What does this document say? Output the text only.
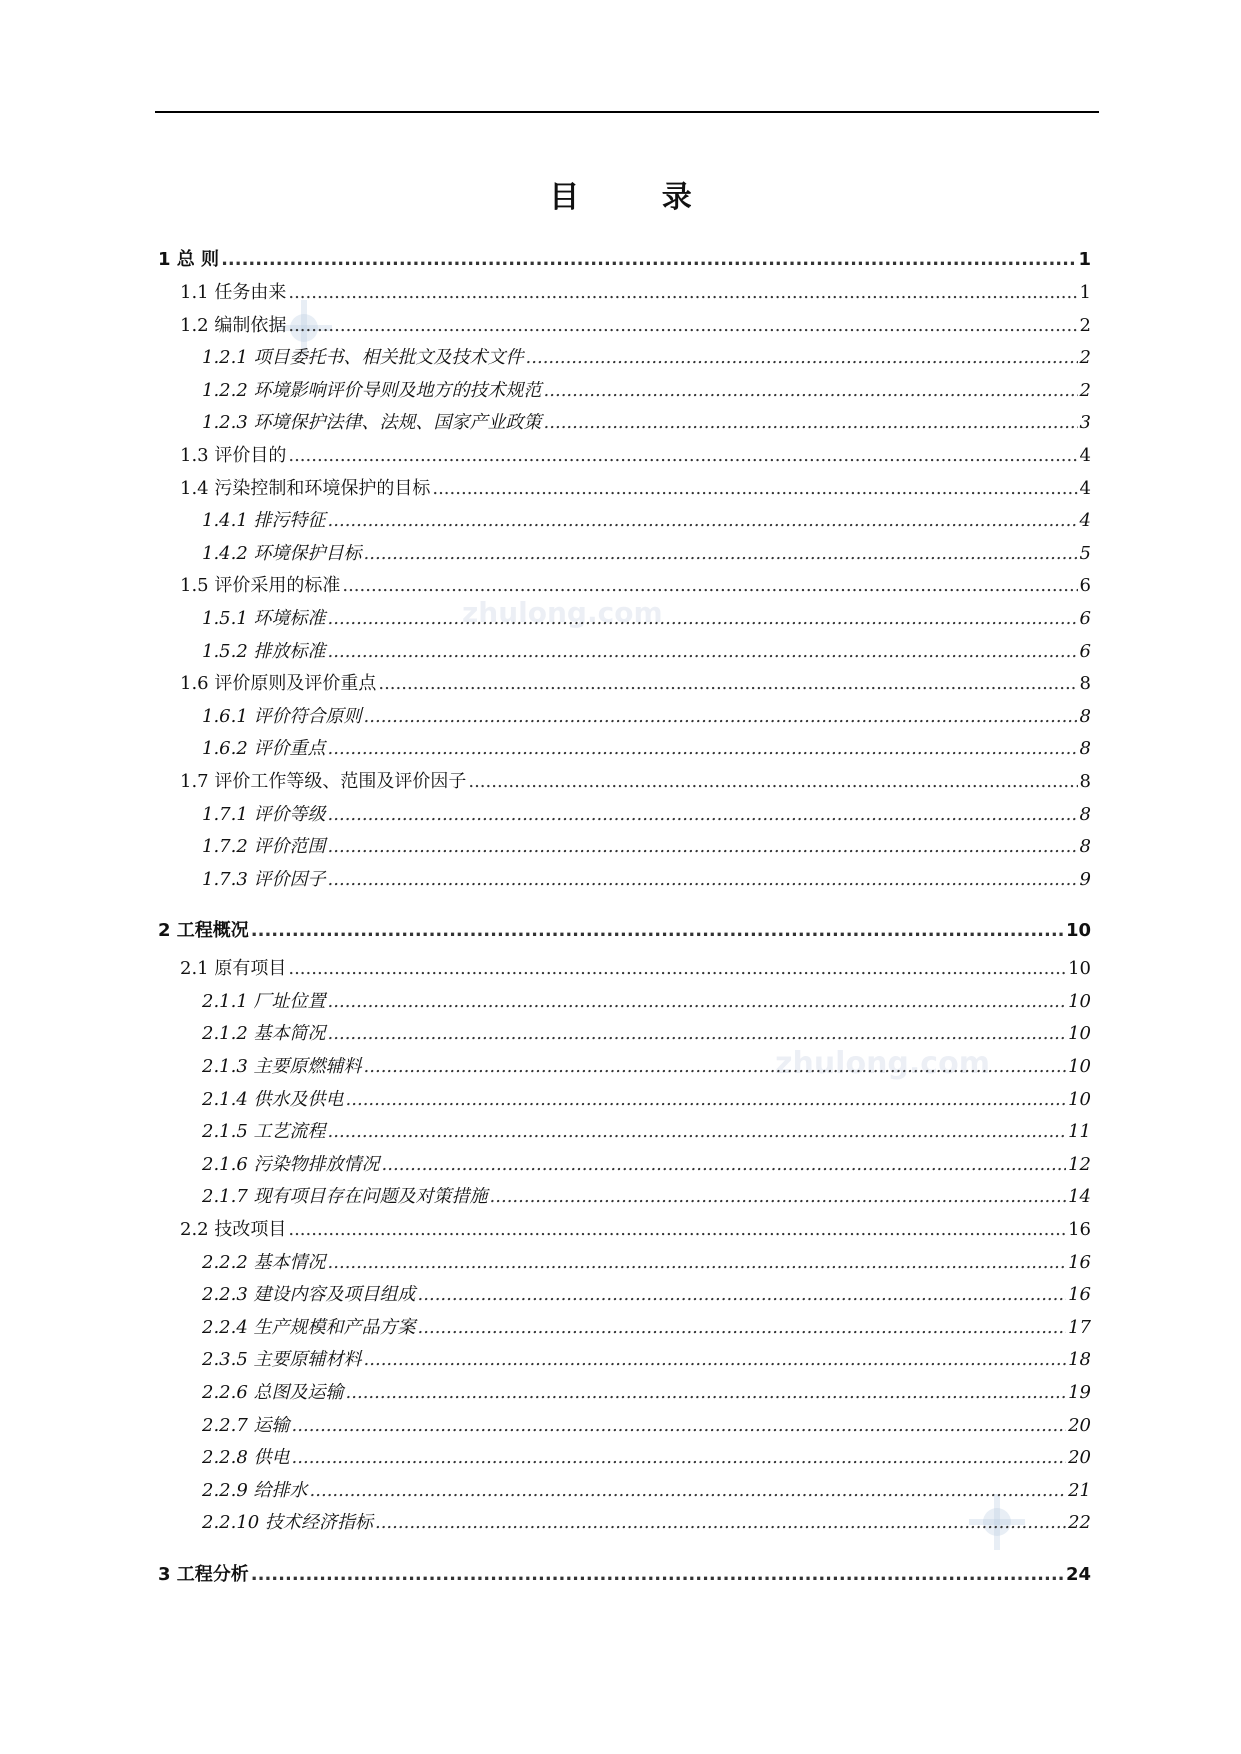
目 录
zhulong.com
zhulong.com
1 总 则 .....	1
1.1 任务由来 .....	1
1.2 编制依据 .....	2
1.2.1 项目委托书、相关批文及技术文件 .....	2
1.2.2 环境影响评价导则及地方的技术规范 .....	2
1.2.3 环境保护法律、法规、国家产业政策 .....	3
1.3 评价目的 .....	4
1.4 污染控制和环境保护的目标 .....	4
1.4.1 排污特征 .....	4
1.4.2 环境保护目标 .....	5
1.5 评价采用的标准 .....	6
1.5.1 环境标准 .....	6
1.5.2 排放标准 .....	6
1.6 评价原则及评价重点 .....	8
1.6.1 评价符合原则 .....	8
1.6.2 评价重点 .....	8
1.7 评价工作等级、范围及评价因子 .....	8
1.7.1 评价等级 .....	8
1.7.2 评价范围 .....	8
1.7.3 评价因子 .....	9
2 工程概况 .....	10
2.1 原有项目 .....	10
2.1.1 厂址位置 .....	10
2.1.2 基本简况 .....	10
2.1.3 主要原燃辅料 .....	10
2.1.4 供水及供电 .....	10
2.1.5 工艺流程 .....	11
2.1.6 污染物排放情况 .....	12
2.1.7 现有项目存在问题及对策措施 .....	14
2.2 技改项目 .....	16
2.2.2 基本情况 .....	16
2.2.3 建设内容及项目组成 .....	16
2.2.4 生产规模和产品方案 .....	17
2.3.5 主要原辅材料 .....	18
2.2.6 总图及运输 .....	19
2.2.7 运输 .....	20
2.2.8 供电 .....	20
2.2.9 给排水 .....	21
2.2.10 技术经济指标 .....	22
3 工程分析 .....	24
